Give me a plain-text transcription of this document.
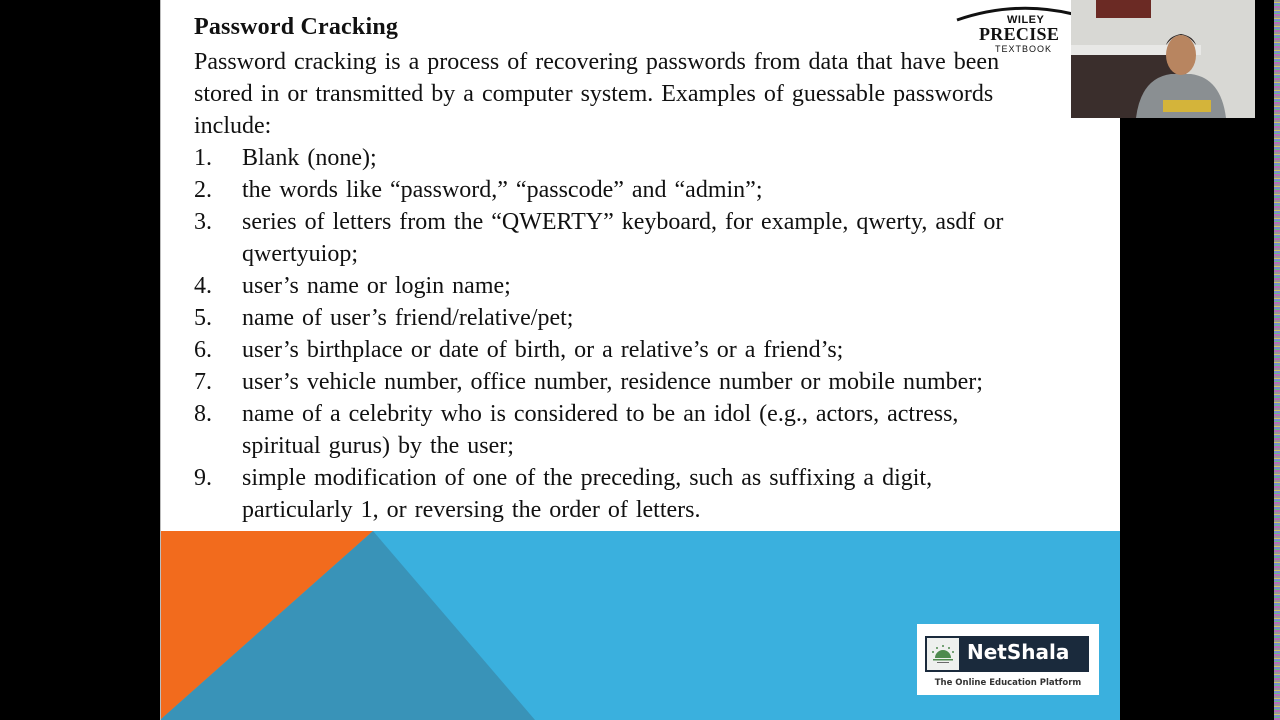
Password Cracking
Password cracking is a process of recovering passwords from data that have been stored in or transmitted by a computer system. Examples of guessable passwords include:
1. Blank (none);
2. the words like “password,” “passcode” and “admin”;
3. series of letters from the “QWERTY” keyboard, for example, qwerty, asdf or qwertyuiop;
4. user’s name or login name;
5. name of user’s friend/relative/pet;
6. user’s birthplace or date of birth, or a relative’s or a friend’s;
7. user’s vehicle number, office number, residence number or mobile number;
8. name of a celebrity who is considered to be an idol (e.g., actors, actress, spiritual gurus) by the user;
9. simple modification of one of the preceding, such as suffixing a digit, particularly 1, or reversing the order of letters.
WILEY
PRECISE
TEXTBOOK
NetShala
The Online Education Platform
